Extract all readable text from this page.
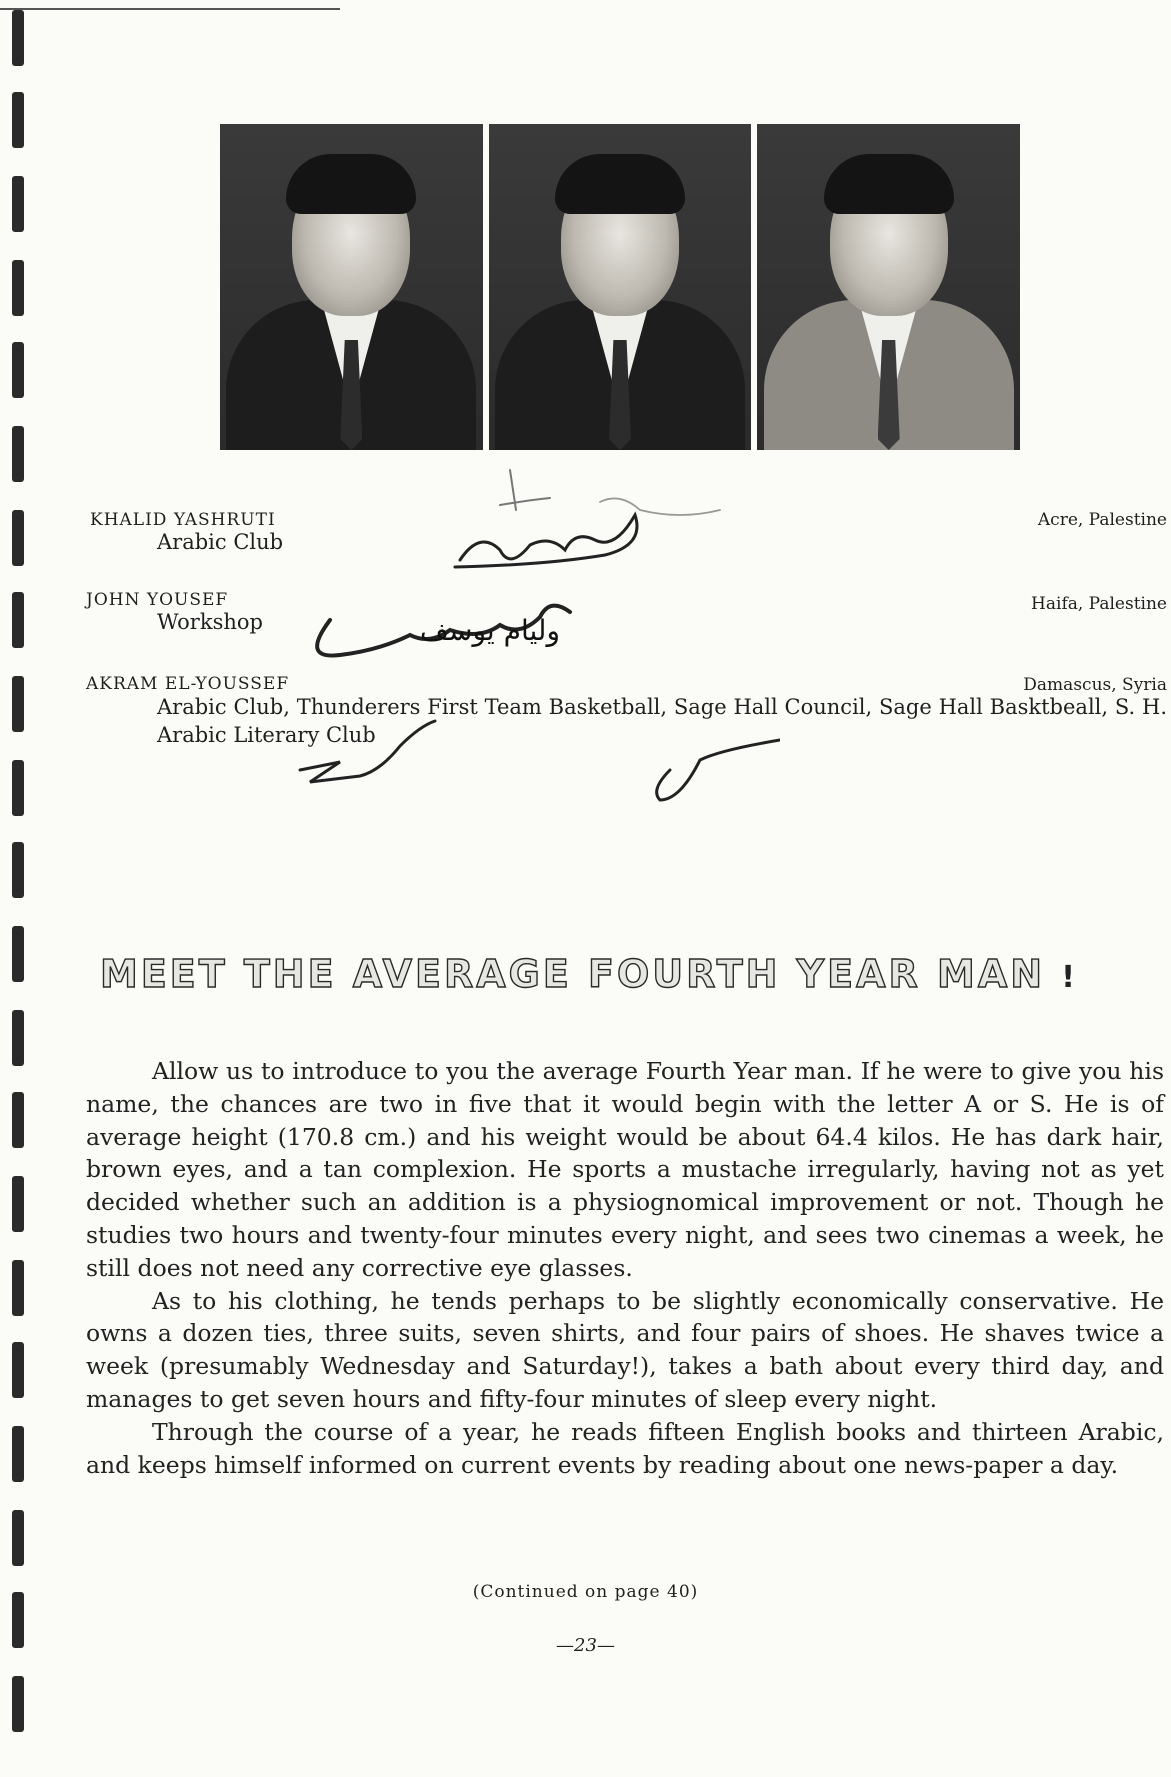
KHALID YASHRUTI
Arabic Club
Acre, Palestine
JOHN YOUSEF
Workshop
Haifa, Palestine
AKRAM EL-YOUSSEF
Arabic Club, Thunderers First Team Basketball, Sage Hall Council, Sage Hall Basktbeall, S. H. Arabic Literary Club
Damascus, Syria
وليام يوسف
MEET THE AVERAGE FOURTH YEAR MAN !

Allow us to introduce to you the average Fourth Year man. If he were to give you his name, the chances are two in five that it would begin with the letter A or S. He is of average height (170.8 cm.) and his weight would be about 64.4 kilos. He has dark hair, brown eyes, and a tan complexion. He sports a mustache irregularly, having not as yet decided whether such an addition is a physiognomical improvement or not. Though he studies two hours and twenty-four minutes every night, and sees two cinemas a week, he still does not need any corrective eye glasses.

As to his clothing, he tends perhaps to be slightly economically conservative. He owns a dozen ties, three suits, seven shirts, and four pairs of shoes. He shaves twice a week (presumably Wednesday and Saturday!), takes a bath about every third day, and manages to get seven hours and fifty-four minutes of sleep every night.

Through the course of a year, he reads fifteen English books and thirteen Arabic, and keeps himself informed on current events by reading about one news-paper a day.

(Continued on page 40)
—23—
